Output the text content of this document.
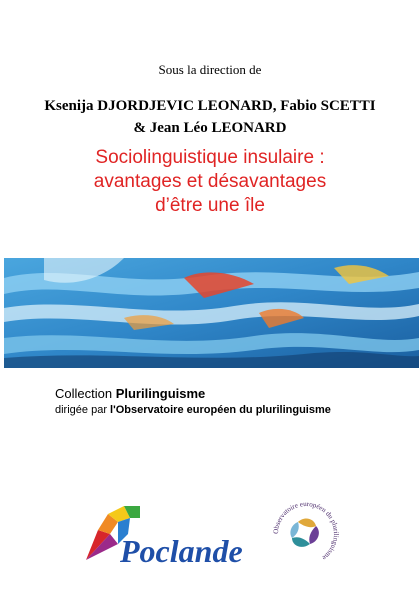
Sous la direction de
Ksenija DJORDJEVIC LEONARD, Fabio SCETTI
& Jean Léo LEONARD
Sociolinguistique insulaire :
avantages et désavantages
d’être une île
Collection Plurilinguisme
dirigée par l'Observatoire européen du plurilinguisme
Poclande
Observatoire européen du plurilinguisme
